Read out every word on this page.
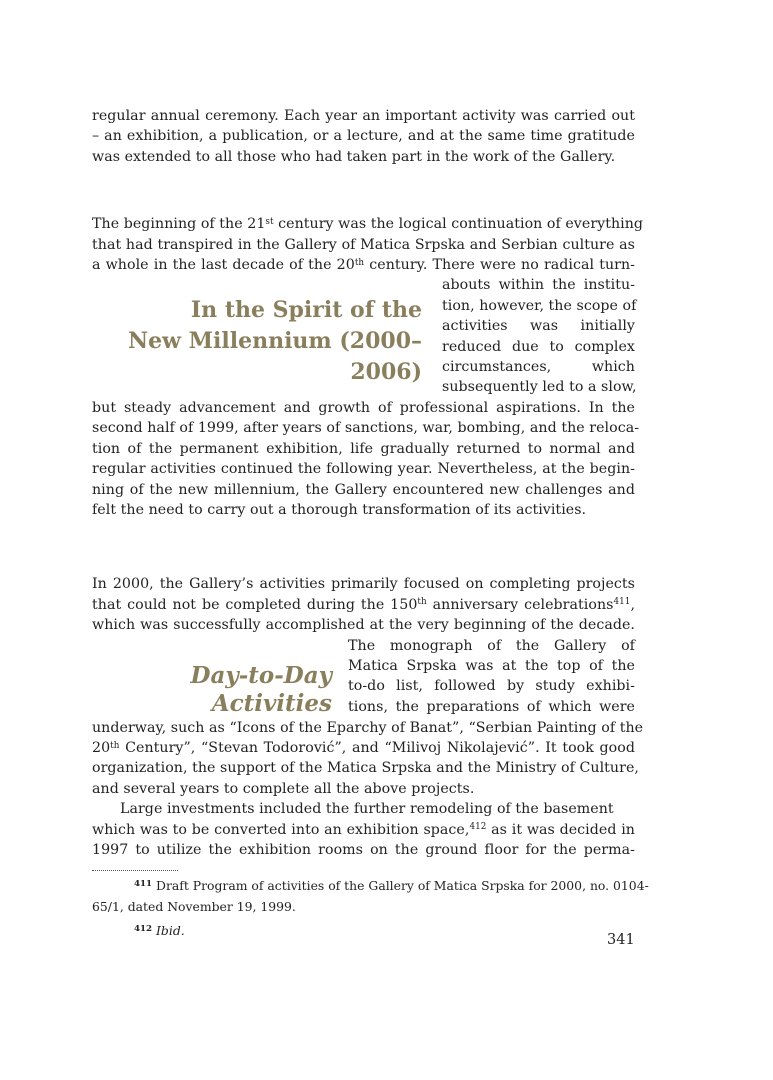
regular annual ceremony. Each year an important activity was carried out
– an exhibition, a publication, or a lecture, and at the same time gratitude
was extended to all those who had taken part in the work of the Gallery.

The beginning of the 21st century was the logical continuation of everything
that had transpired in the Gallery of Matica Srpska and Serbian culture as
a whole in the last decade of the 20th century. There were no radical turn-

In the Spirit of the
New Millennium (2000–2006)

abouts within the institu-
tion, however, the scope of
activities was initially
reduced due to complex
circumstances, which
subsequently led to a slow,

but steady advancement and growth of professional aspirations. In the
second half of 1999, after years of sanctions, war, bombing, and the reloca-
tion of the permanent exhibition, life gradually returned to normal and
regular activities continued the following year. Nevertheless, at the begin-
ning of the new millennium, the Gallery encountered new challenges and
felt the need to carry out a thorough transformation of its activities.

In 2000, the Gallery’s activities primarily focused on completing projects
that could not be completed during the 150th anniversary celebrations$^{411}$,
which was successfully accomplished at the very beginning of the decade.

Day-to-Day Activities

The monograph of the Gallery of
Matica Srpska was at the top of the
to-do list, followed by study exhibi-
tions, the preparations of which were

underway, such as “Icons of the Eparchy of Banat”, “Serbian Painting of the
20th Century”, “Stevan Todorović”, and “Milivoj Nikolajević”. It took good
organization, the support of the Matica Srpska and the Ministry of Culture,
and several years to complete all the above projects.

Large investments included the further remodeling of the basement
which was to be converted into an exhibition space,$^{412}$ as it was decided in
1997 to utilize the exhibition rooms on the ground floor for the perma-

$^{411}$ Draft Program of activities of the Gallery of Matica Srpska for 2000, no. 0104-
65/1, dated November 19, 1999.

$^{412}$ Ibid.

341
